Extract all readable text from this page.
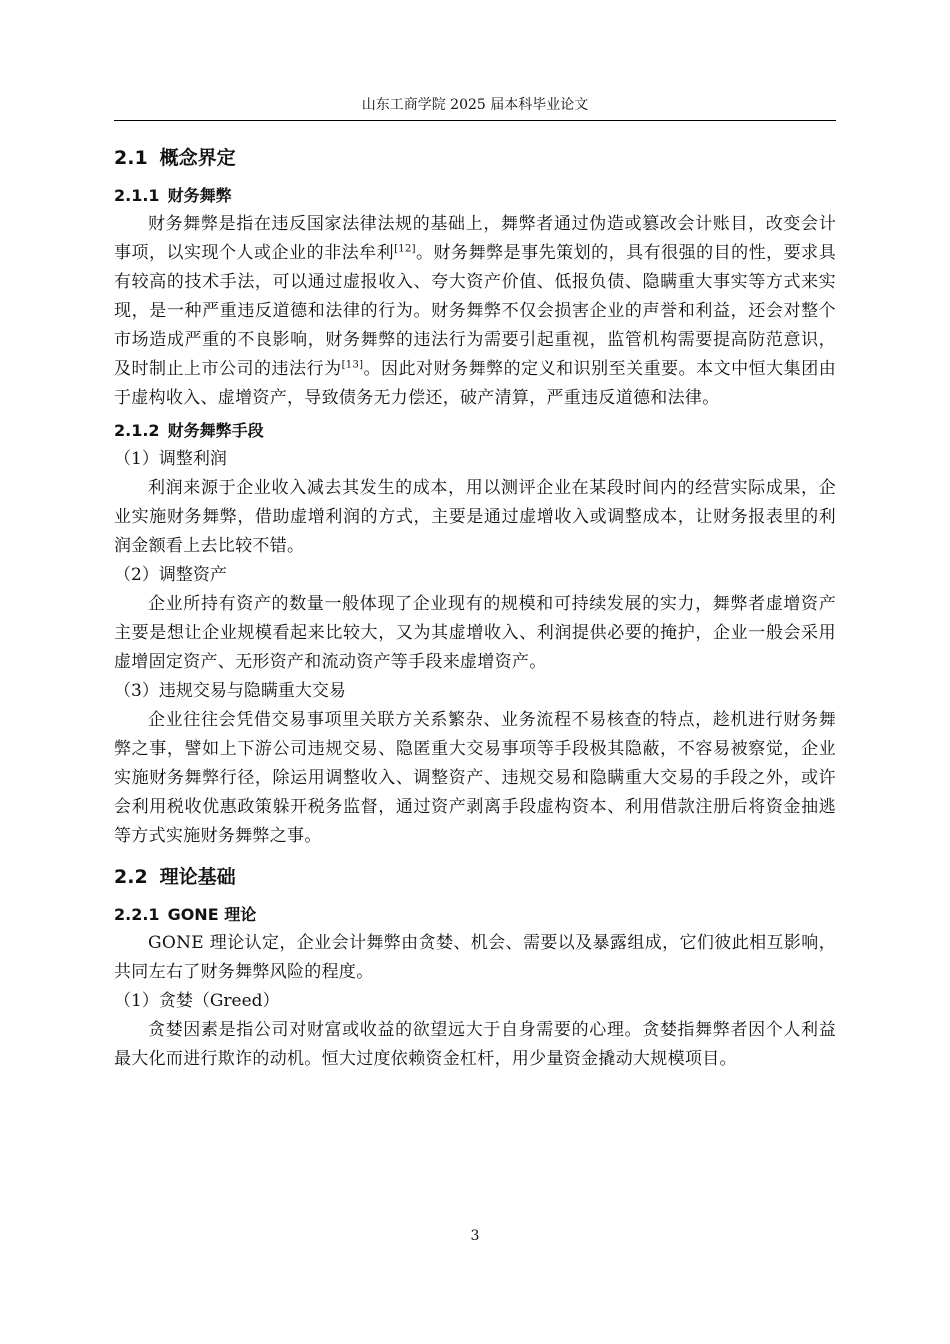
山东工商学院 2025 届本科毕业论文
2.1 概念界定
2.1.1 财务舞弊

财务舞弊是指在违反国家法律法规的基础上，舞弊者通过伪造或篡改会计账目，改变会计事项，以实现个人或企业的非法牟利[12]。财务舞弊是事先策划的，具有很强的目的性，要求具有较高的技术手法，可以通过虚报收入、夸大资产价值、低报负债、隐瞒重大事实等方式来实现，是一种严重违反道德和法律的行为。财务舞弊不仅会损害企业的声誉和利益，还会对整个市场造成严重的不良影响，财务舞弊的违法行为需要引起重视，监管机构需要提高防范意识，及时制止上市公司的违法行为[13]。因此对财务舞弊的定义和识别至关重要。本文中恒大集团由于虚构收入、虚增资产，导致债务无力偿还，破产清算，严重违反道德和法律。

2.1.2 财务舞弊手段
（1）调整利润

利润来源于企业收入减去其发生的成本，用以测评企业在某段时间内的经营实际成果，企业实施财务舞弊，借助虚增利润的方式，主要是通过虚增收入或调整成本，让财务报表里的利润金额看上去比较不错。

（2）调整资产

企业所持有资产的数量一般体现了企业现有的规模和可持续发展的实力，舞弊者虚增资产主要是想让企业规模看起来比较大，又为其虚增收入、利润提供必要的掩护，企业一般会采用虚增固定资产、无形资产和流动资产等手段来虚增资产。

（3）违规交易与隐瞒重大交易

企业往往会凭借交易事项里关联方关系繁杂、业务流程不易核查的特点，趁机进行财务舞弊之事，譬如上下游公司违规交易、隐匿重大交易事项等手段极其隐蔽，不容易被察觉，企业实施财务舞弊行径，除运用调整收入、调整资产、违规交易和隐瞒重大交易的手段之外，或许会利用税收优惠政策躲开税务监督，通过资产剥离手段虚构资本、利用借款注册后将资金抽逃等方式实施财务舞弊之事。

2.2 理论基础
2.2.1 GONE 理论

GONE 理论认定，企业会计舞弊由贪婪、机会、需要以及暴露组成，它们彼此相互影响，共同左右了财务舞弊风险的程度。

（1）贪婪（Greed）

贪婪因素是指公司对财富或收益的欲望远大于自身需要的心理。贪婪指舞弊者因个人利益最大化而进行欺诈的动机。恒大过度依赖资金杠杆，用少量资金撬动大规模项目。

3
